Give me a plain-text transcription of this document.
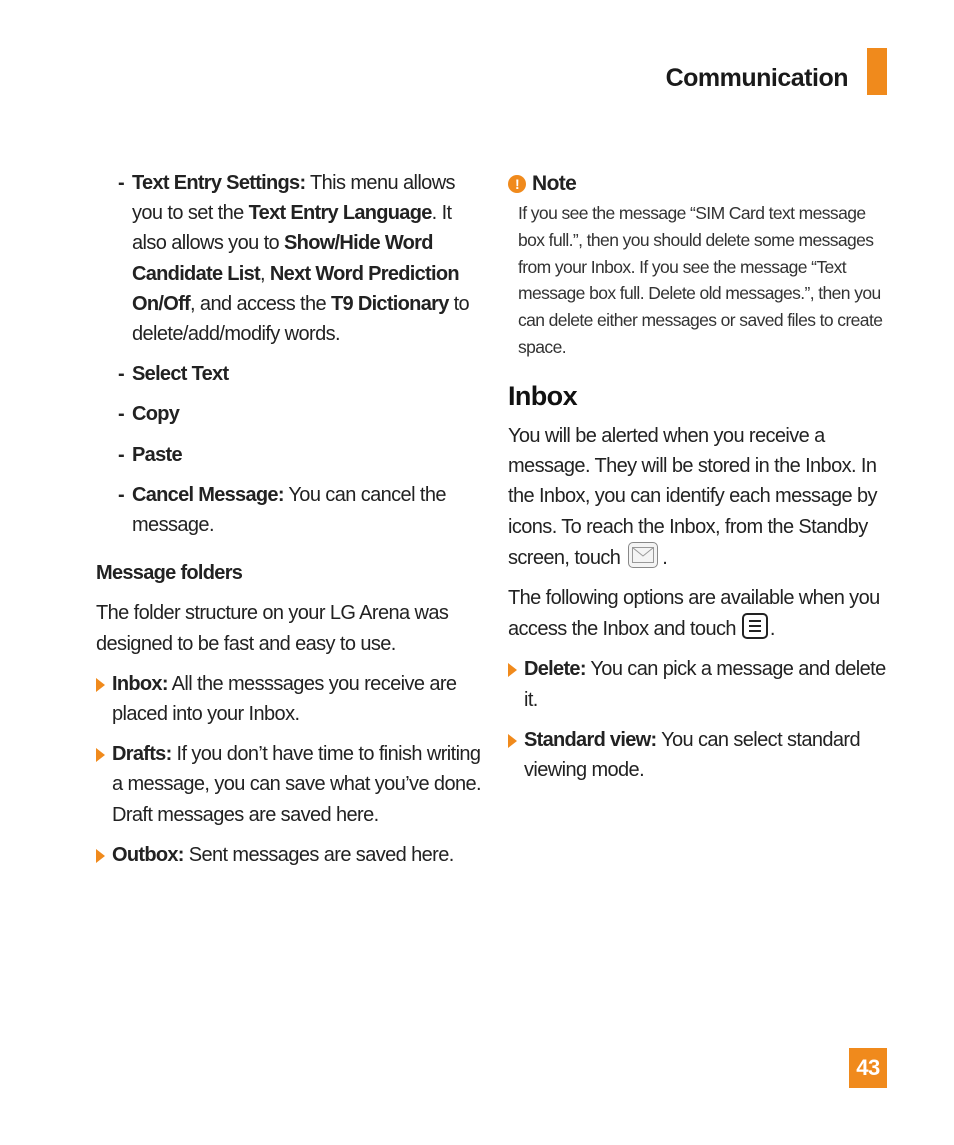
Communication
- Text Entry Settings: This menu allows you to set the Text Entry Language. It also allows you to Show/Hide Word Candidate List, Next Word Prediction On/Off, and access the T9 Dictionary to delete/add/modify words.
- Select Text
- Copy
- Paste
- Cancel Message: You can cancel the message.
Message folders
The folder structure on your LG Arena was designed to be fast and easy to use.
Inbox: All the messsages you receive are placed into your Inbox.
Drafts: If you don’t have time to finish writing a message, you can save what you’ve done. Draft messages are saved here.
Outbox: Sent messages are saved here.
! Note
If you see the message “SIM Card text message box full.”, then you should delete some messages from your Inbox. If you see the message “Text message box full. Delete old messages.”, then you can delete either messages or saved files to create space.
Inbox
You will be alerted when you receive a message. They will be stored in the Inbox. In the Inbox, you can identify each message by icons. To reach the Inbox, from the Standby screen, touch .
The following options are available when you access the Inbox and touch .
Delete: You can pick a message and delete it.
Standard view: You can select standard viewing mode.
43
